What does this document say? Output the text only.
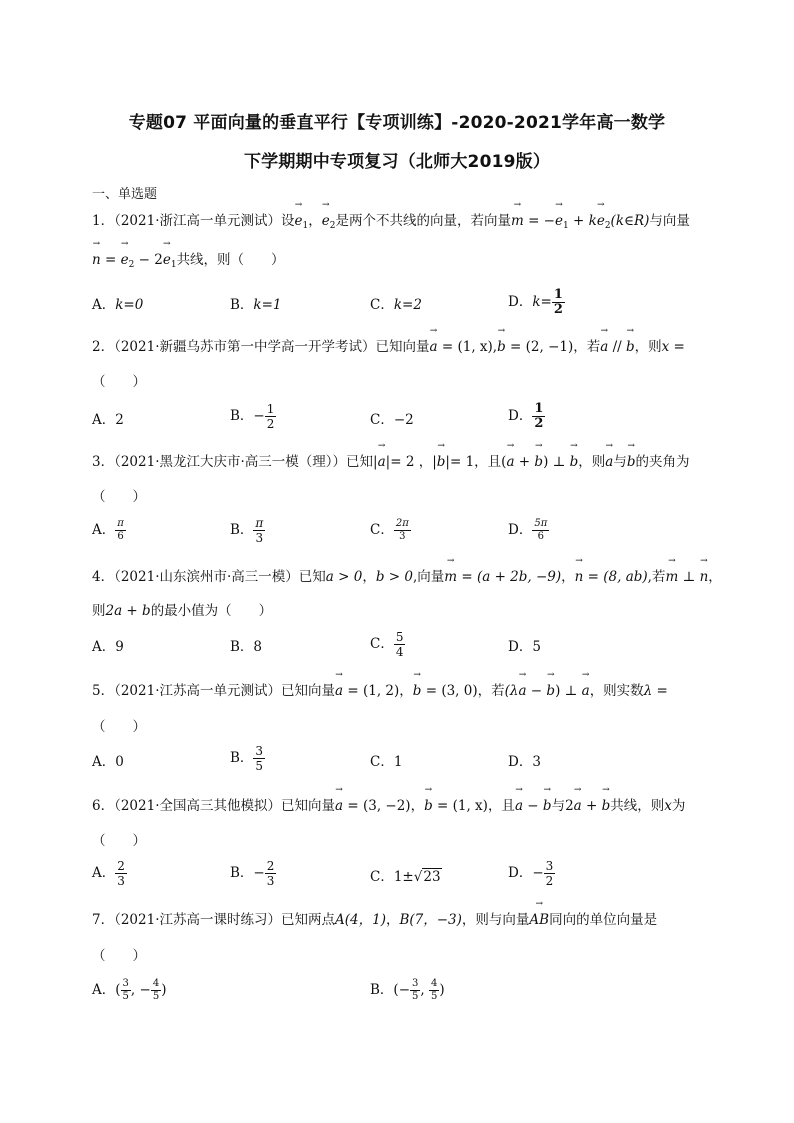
专题07 平面向量的垂直平行【专项训练】-2020-2021学年高一数学
下学期期中专项复习（北师大2019版）
一、单选题
1．（2021·浙江高一单元测试）设→ $e_1$，→ $e_2$是两个不共线的向量，若向量→ m = −→ $e_1 + k\to$ $e_2(k\in R)$与向量
→ n = → $e_2 - 2\to e_1$共线，则（　　）
A．k=0	B．k=1	C．k=2	D．$k= \frac{1}{2}$
2．（2021·新疆乌苏市第一中学高一开学考试）已知向量→ a = (1, x),→ b = (2, −1)，若→ a // → b，则x =
（　　）
A．2	B．− $\frac{1}{2}$	C．−2	D． $\frac{1}{2}$
3．（2021·黑龙江大庆市·高三一模（理））已知|→ a|= 2 ，|→ b|= 1，且(→ a + → b) ⊥ → b，则→ a与→ b的夹角为
（　　）
A． $\frac{\pi}{6}$	B． $\frac{\pi}{3}$	C． $\frac{2\pi}{3}$	D． $\frac{5\pi}{6}$
4．（2021·山东滨州市·高三一模）已知a > 0，b > 0,向量→ m = (a + 2b, −9)，→ n = (8, ab),若→ m ⊥ → n，
则2a + b的最小值为（　　）
A．9	B．8	C． $\frac{5}{4}$	D．5
5．（2021·江苏高一单元测试）已知向量→ a = (1, 2)，→ b = (3, 0)，若(λ→ a − → b) ⊥ → a，则实数λ =
（　　）
A．0	B． $\frac{3}{5}$	C．1	D．3
6．（2021·全国高三其他模拟）已知向量→ a = (3, −2)，→ b = (1, x)，且→ a − → b与2→ a + → b共线，则x为
（　　）
A． $\frac{2}{3}$	B．− $\frac{2}{3}$	C．1±√23	D．− $\frac{3}{2}$
7．（2021·江苏高一课时练习）已知两点A(4，1)，B(7，−3)，则与向量→ AB同向的单位向量是
（　　）
A．( $\frac{3}{5}$ , − $\frac{4}{5}$ )	B．(− $\frac{3}{5}$ , $\frac{4}{5}$ )
